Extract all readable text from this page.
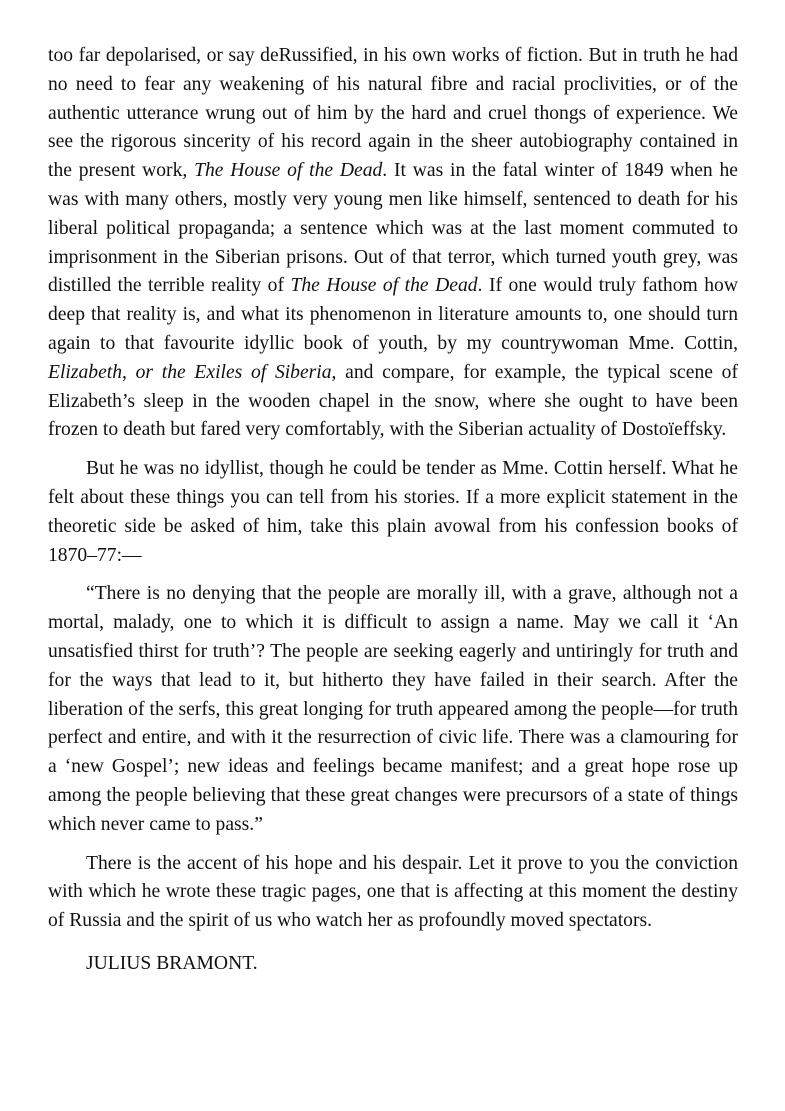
too far depolarised, or say deRussified, in his own works of fiction. But in truth he had no need to fear any weakening of his natural fibre and racial proclivities, or of the authentic utterance wrung out of him by the hard and cruel thongs of experience. We see the rigorous sincerity of his record again in the sheer autobiography contained in the present work, The House of the Dead. It was in the fatal winter of 1849 when he was with many others, mostly very young men like himself, sentenced to death for his liberal political propaganda; a sentence which was at the last moment commuted to imprisonment in the Siberian prisons. Out of that terror, which turned youth grey, was distilled the terrible reality of The House of the Dead. If one would truly fathom how deep that reality is, and what its phenomenon in literature amounts to, one should turn again to that favourite idyllic book of youth, by my countrywoman Mme. Cottin, Elizabeth, or the Exiles of Siberia, and compare, for example, the typical scene of Elizabeth’s sleep in the wooden chapel in the snow, where she ought to have been frozen to death but fared very comfortably, with the Siberian actuality of Dostoïeffsky.

But he was no idyllist, though he could be tender as Mme. Cottin herself. What he felt about these things you can tell from his stories. If a more explicit statement in the theoretic side be asked of him, take this plain avowal from his confession books of 1870–77:—

“There is no denying that the people are morally ill, with a grave, although not a mortal, malady, one to which it is difficult to assign a name. May we call it ‘An unsatisfied thirst for truth’? The people are seeking eagerly and untiringly for truth and for the ways that lead to it, but hitherto they have failed in their search. After the liberation of the serfs, this great longing for truth appeared among the people—for truth perfect and entire, and with it the resurrection of civic life. There was a clamouring for a ‘new Gospel’; new ideas and feelings became manifest; and a great hope rose up among the people believing that these great changes were precursors of a state of things which never came to pass.”

There is the accent of his hope and his despair. Let it prove to you the conviction with which he wrote these tragic pages, one that is affecting at this moment the destiny of Russia and the spirit of us who watch her as profoundly moved spectators.

JULIUS BRAMONT.
